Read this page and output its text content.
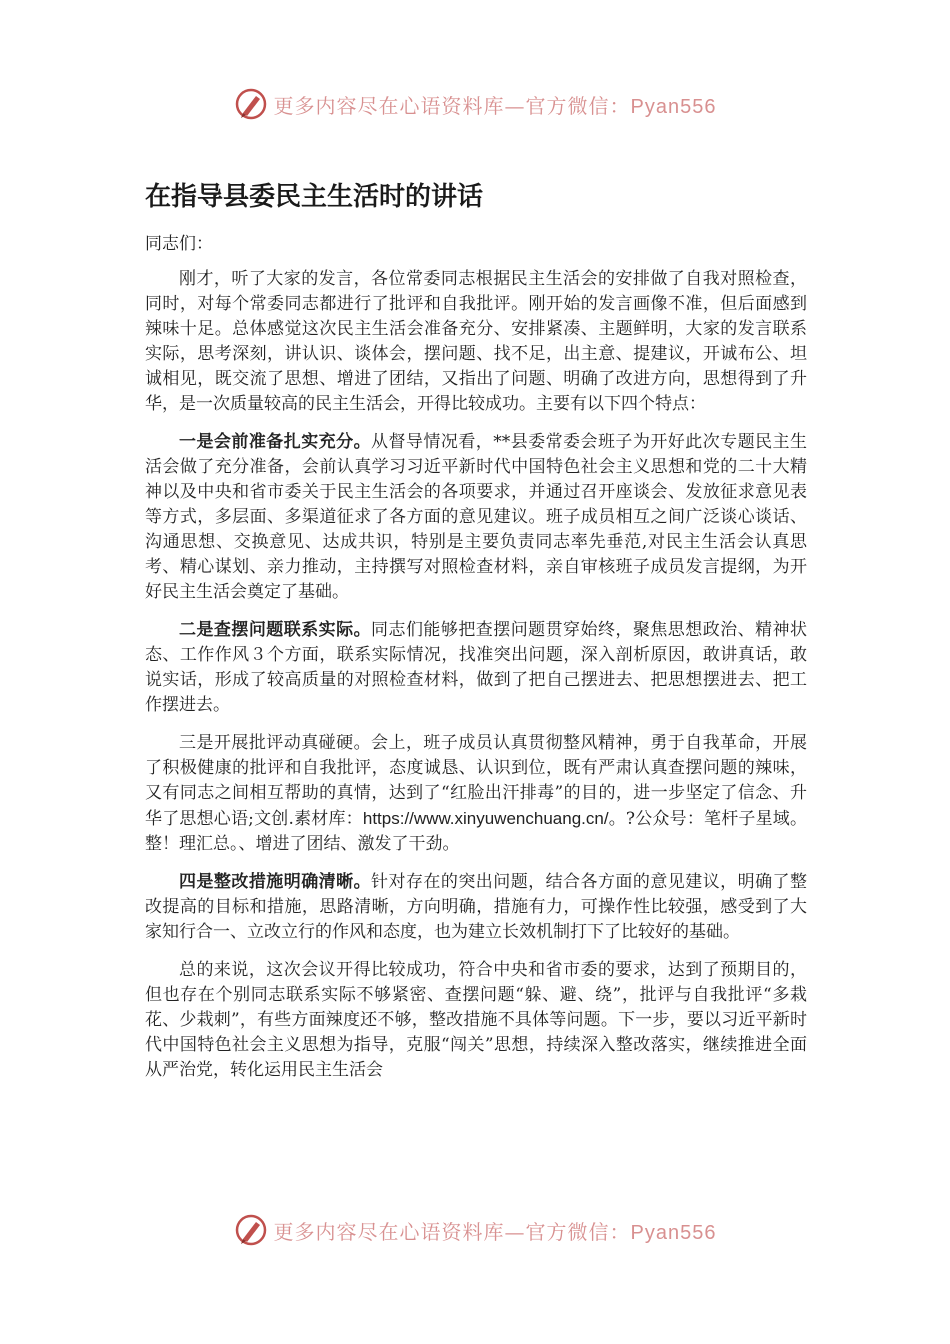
更多内容尽在心语资料库—官方微信：Pyan556
在指导县委民主生活时的讲话

同志们：

刚才，听了大家的发言，各位常委同志根据民主生活会的安排做了自我对照检查，同时，对每个常委同志都进行了批评和自我批评。刚开始的发言画像不准，但后面感到辣味十足。总体感觉这次民主生活会准备充分、安排紧凑、主题鲜明，大家的发言联系实际，思考深刻，讲认识、谈体会，摆问题、找不足，出主意、提建议，开诚布公、坦诚相见，既交流了思想、增进了团结，又指出了问题、明确了改进方向，思想得到了升华，是一次质量较高的民主生活会，开得比较成功。主要有以下四个特点：

一是会前准备扎实充分。从督导情况看，**县委常委会班子为开好此次专题民主生活会做了充分准备，会前认真学习习近平新时代中国特色社会主义思想和党的二十大精神以及中央和省市委关于民主生活会的各项要求，并通过召开座谈会、发放征求意见表等方式，多层面、多渠道征求了各方面的意见建议。班子成员相互之间广泛谈心谈话、沟通思想、交换意见、达成共识，特别是主要负责同志率先垂范,对民主生活会认真思考、精心谋划、亲力推动，主持撰写对照检查材料，亲自审核班子成员发言提纲，为开好民主生活会奠定了基础。

二是查摆问题联系实际。同志们能够把查摆问题贯穿始终，聚焦思想政治、精神状态、工作作风３个方面，联系实际情况，找准突出问题，深入剖析原因，敢讲真话，敢说实话，形成了较高质量的对照检查材料，做到了把自己摆进去、把思想摆进去、把工作摆进去。

三是开展批评动真碰硬。会上，班子成员认真贯彻整风精神，勇于自我革命，开展了积极健康的批评和自我批评，态度诚恳、认识到位，既有严肃认真查摆问题的辣味，又有同志之间相互帮助的真情，达到了“红脸出汗排毒”的目的，进一步坚定了信念、升华了思想心语;文创.素材库：https://www.xinyuwenchuang.cn/。?公众号：笔杆子星域。整！理汇总。、增进了团结、激发了干劲。

四是整改措施明确清晰。针对存在的突出问题，结合各方面的意见建议，明确了整改提高的目标和措施，思路清晰，方向明确，措施有力，可操作性比较强，感受到了大家知行合一、立改立行的作风和态度，也为建立长效机制打下了比较好的基础。

总的来说，这次会议开得比较成功，符合中央和省市委的要求，达到了预期目的，但也存在个别同志联系实际不够紧密、查摆问题“躲、避、绕”，批评与自我批评“多栽花、少栽刺”，有些方面辣度还不够，整改措施不具体等问题。下一步，要以习近平新时代中国特色社会主义思想为指导，克服“闯关”思想，持续深入整改落实，继续推进全面从严治党，转化运用民主生活会

更多内容尽在心语资料库—官方微信：Pyan556
